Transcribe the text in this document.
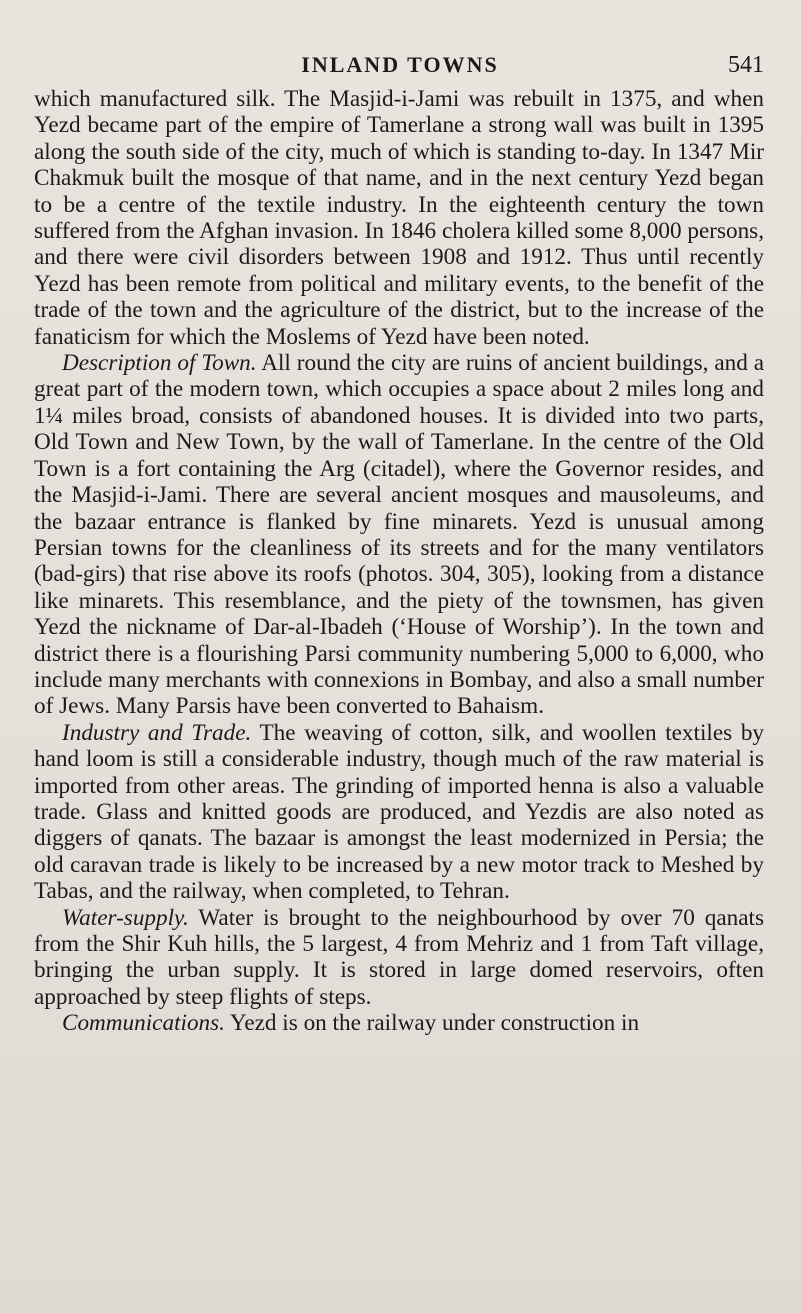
INLAND TOWNS	541

which manufactured silk. The Masjid-i-Jami was rebuilt in 1375, and when Yezd became part of the empire of Tamerlane a strong wall was built in 1395 along the south side of the city, much of which is standing to-day. In 1347 Mir Chakmuk built the mosque of that name, and in the next century Yezd began to be a centre of the textile industry. In the eighteenth century the town suffered from the Afghan invasion. In 1846 cholera killed some 8,000 persons, and there were civil disorders between 1908 and 1912. Thus until recently Yezd has been remote from political and military events, to the benefit of the trade of the town and the agriculture of the district, but to the increase of the fanaticism for which the Moslems of Yezd have been noted.

Description of Town. All round the city are ruins of ancient buildings, and a great part of the modern town, which occupies a space about 2 miles long and 1¼ miles broad, consists of abandoned houses. It is divided into two parts, Old Town and New Town, by the wall of Tamerlane. In the centre of the Old Town is a fort containing the Arg (citadel), where the Governor resides, and the Masjid-i-Jami. There are several ancient mosques and mausoleums, and the bazaar entrance is flanked by fine minarets. Yezd is unusual among Persian towns for the cleanliness of its streets and for the many ventilators (bad-girs) that rise above its roofs (photos. 304, 305), looking from a distance like minarets. This resemblance, and the piety of the townsmen, has given Yezd the nickname of Dar-al-Ibadeh (‘House of Worship’). In the town and district there is a flourishing Parsi community numbering 5,000 to 6,000, who include many merchants with connexions in Bombay, and also a small number of Jews. Many Parsis have been converted to Bahaism.

Industry and Trade. The weaving of cotton, silk, and woollen textiles by hand loom is still a considerable industry, though much of the raw material is imported from other areas. The grinding of imported henna is also a valuable trade. Glass and knitted goods are produced, and Yezdis are also noted as diggers of qanats. The bazaar is amongst the least modernized in Persia; the old caravan trade is likely to be increased by a new motor track to Meshed by Tabas, and the railway, when completed, to Tehran.

Water-supply. Water is brought to the neighbourhood by over 70 qanats from the Shir Kuh hills, the 5 largest, 4 from Mehriz and 1 from Taft village, bringing the urban supply. It is stored in large domed reservoirs, often approached by steep flights of steps.

Communications. Yezd is on the railway under construction in
